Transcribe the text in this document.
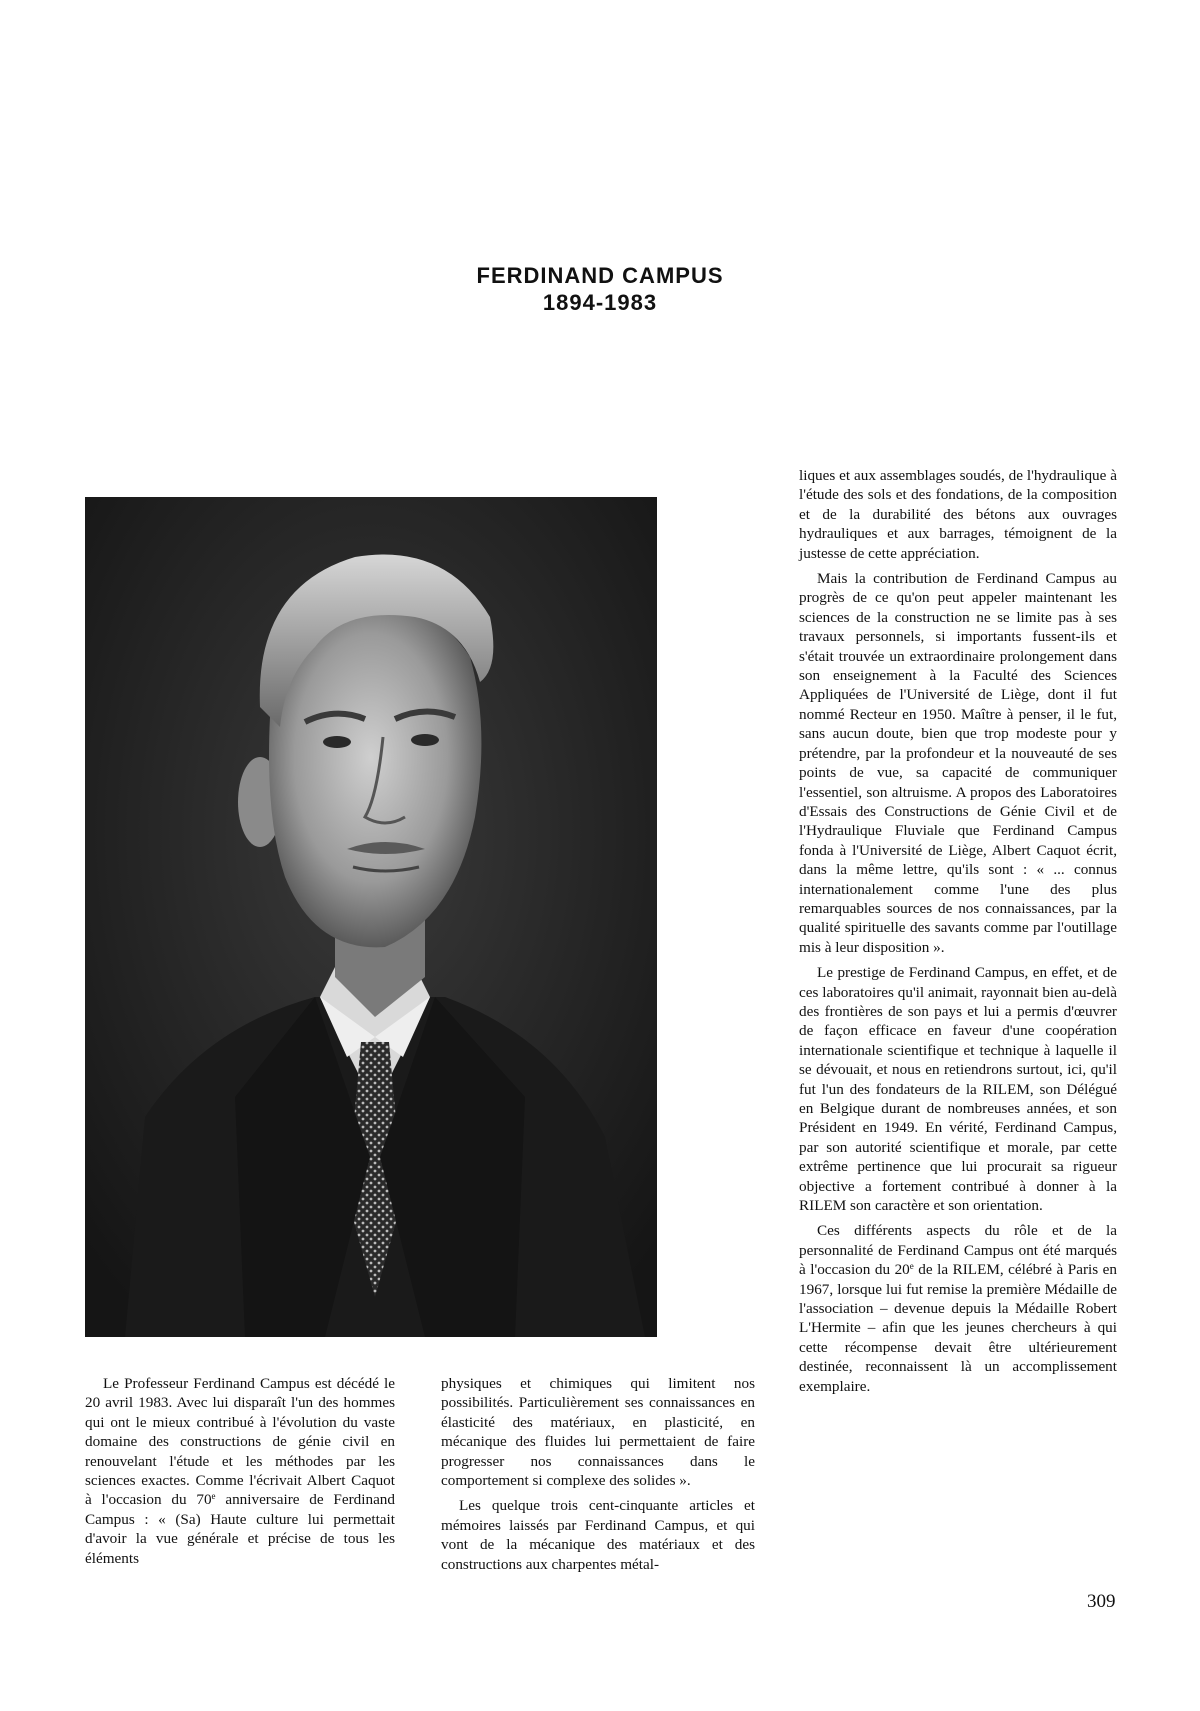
FERDINAND CAMPUS
1894-1983

Le Professeur Ferdinand Campus est décédé le 20 avril 1983. Avec lui disparaît l'un des hommes qui ont le mieux contribué à l'évolution du vaste domaine des constructions de génie civil en renouvelant l'étude et les méthodes par les sciences exactes. Comme l'écrivait Albert Caquot à l'occasion du 70e anniversaire de Ferdinand Campus : « (Sa) Haute culture lui permettait d'avoir la vue générale et précise de tous les éléments

physiques et chimiques qui limitent nos possibilités. Particulièrement ses connaissances en élasticité des matériaux, en plasticité, en mécanique des fluides lui permettaient de faire progresser nos connaissances dans le comportement si complexe des solides ».

Les quelque trois cent-cinquante articles et mémoires laissés par Ferdinand Campus, et qui vont de la mécanique des matériaux et des constructions aux charpentes métal-

liques et aux assemblages soudés, de l'hydraulique à l'étude des sols et des fondations, de la composition et de la durabilité des bétons aux ouvrages hydrauliques et aux barrages, témoignent de la justesse de cette appréciation.

Mais la contribution de Ferdinand Campus au progrès de ce qu'on peut appeler maintenant les sciences de la construction ne se limite pas à ses travaux personnels, si importants fussent-ils et s'était trouvée un extraordinaire prolongement dans son enseignement à la Faculté des Sciences Appliquées de l'Université de Liège, dont il fut nommé Recteur en 1950. Maître à penser, il le fut, sans aucun doute, bien que trop modeste pour y prétendre, par la profondeur et la nouveauté de ses points de vue, sa capacité de communiquer l'essentiel, son altruisme. A propos des Laboratoires d'Essais des Constructions de Génie Civil et de l'Hydraulique Fluviale que Ferdinand Campus fonda à l'Université de Liège, Albert Caquot écrit, dans la même lettre, qu'ils sont : « ... connus internationalement comme l'une des plus remarquables sources de nos connaissances, par la qualité spirituelle des savants comme par l'outillage mis à leur disposition ».

Le prestige de Ferdinand Campus, en effet, et de ces laboratoires qu'il animait, rayonnait bien au-delà des frontières de son pays et lui a permis d'œuvrer de façon efficace en faveur d'une coopération internationale scientifique et technique à laquelle il se dévouait, et nous en retiendrons surtout, ici, qu'il fut l'un des fondateurs de la RILEM, son Délégué en Belgique durant de nombreuses années, et son Président en 1949. En vérité, Ferdinand Campus, par son autorité scientifique et morale, par cette extrême pertinence que lui procurait sa rigueur objective a fortement contribué à donner à la RILEM son caractère et son orientation.

Ces différents aspects du rôle et de la personnalité de Ferdinand Campus ont été marqués à l'occasion du 20e de la RILEM, célébré à Paris en 1967, lorsque lui fut remise la première Médaille de l'association – devenue depuis la Médaille Robert L'Hermite – afin que les jeunes chercheurs à qui cette récompense devait être ultérieurement destinée, reconnaissent là un accomplissement exemplaire.

309
